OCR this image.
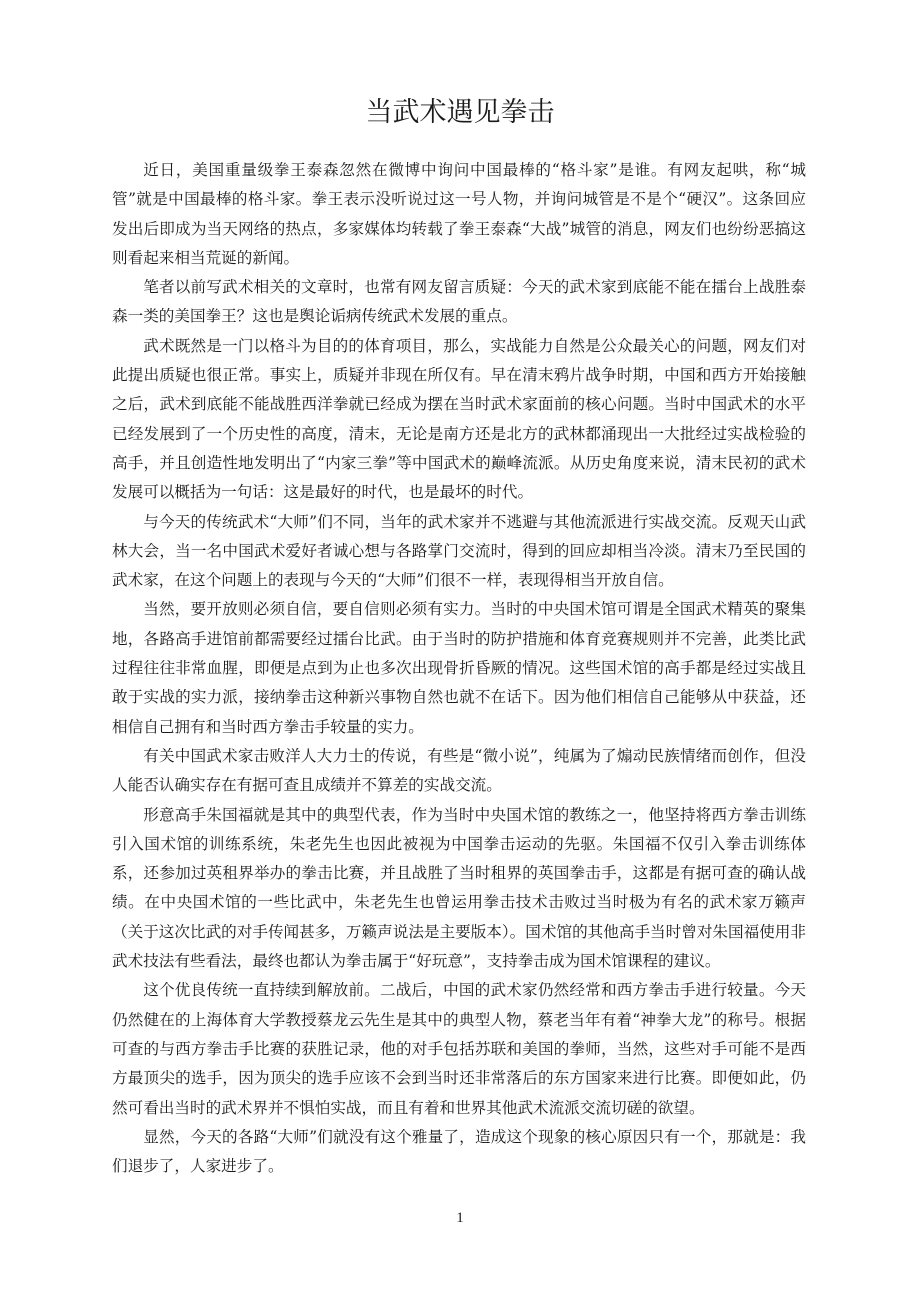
当武术遇见拳击

近日，美国重量级拳王泰森忽然在微博中询问中国最棒的“格斗家”是谁。有网友起哄，称“城管”就是中国最棒的格斗家。拳王表示没听说过这一号人物，并询问城管是不是个“硬汉”。这条回应发出后即成为当天网络的热点，多家媒体均转载了拳王泰森“大战”城管的消息，网友们也纷纷恶搞这则看起来相当荒诞的新闻。

笔者以前写武术相关的文章时，也常有网友留言质疑：今天的武术家到底能不能在擂台上战胜泰森一类的美国拳王？这也是舆论诟病传统武术发展的重点。

武术既然是一门以格斗为目的的体育项目，那么，实战能力自然是公众最关心的问题，网友们对此提出质疑也很正常。事实上，质疑并非现在所仅有。早在清末鸦片战争时期，中国和西方开始接触之后，武术到底能不能战胜西洋拳就已经成为摆在当时武术家面前的核心问题。当时中国武术的水平已经发展到了一个历史性的高度，清末，无论是南方还是北方的武林都涌现出一大批经过实战检验的高手，并且创造性地发明出了“内家三拳”等中国武术的巅峰流派。从历史角度来说，清末民初的武术发展可以概括为一句话：这是最好的时代，也是最坏的时代。

与今天的传统武术“大师”们不同，当年的武术家并不逃避与其他流派进行实战交流。反观天山武林大会，当一名中国武术爱好者诚心想与各路掌门交流时，得到的回应却相当冷淡。清末乃至民国的武术家，在这个问题上的表现与今天的“大师”们很不一样，表现得相当开放自信。

当然，要开放则必须自信，要自信则必须有实力。当时的中央国术馆可谓是全国武术精英的聚集地，各路高手进馆前都需要经过擂台比武。由于当时的防护措施和体育竞赛规则并不完善，此类比武过程往往非常血腥，即便是点到为止也多次出现骨折昏厥的情况。这些国术馆的高手都是经过实战且敢于实战的实力派，接纳拳击这种新兴事物自然也就不在话下。因为他们相信自己能够从中获益，还相信自己拥有和当时西方拳击手较量的实力。

有关中国武术家击败洋人大力士的传说，有些是“微小说”，纯属为了煽动民族情绪而创作，但没人能否认确实存在有据可查且成绩并不算差的实战交流。

形意高手朱国福就是其中的典型代表，作为当时中央国术馆的教练之一，他坚持将西方拳击训练引入国术馆的训练系统，朱老先生也因此被视为中国拳击运动的先驱。朱国福不仅引入拳击训练体系，还参加过英租界举办的拳击比赛，并且战胜了当时租界的英国拳击手，这都是有据可查的确认战绩。在中央国术馆的一些比武中，朱老先生也曾运用拳击技术击败过当时极为有名的武术家万籁声（关于这次比武的对手传闻甚多，万籁声说法是主要版本）。国术馆的其他高手当时曾对朱国福使用非武术技法有些看法，最终也都认为拳击属于“好玩意”，支持拳击成为国术馆课程的建议。

这个优良传统一直持续到解放前。二战后，中国的武术家仍然经常和西方拳击手进行较量。今天仍然健在的上海体育大学教授蔡龙云先生是其中的典型人物，蔡老当年有着“神拳大龙”的称号。根据可查的与西方拳击手比赛的获胜记录，他的对手包括苏联和美国的拳师，当然，这些对手可能不是西方最顶尖的选手，因为顶尖的选手应该不会到当时还非常落后的东方国家来进行比赛。即便如此，仍然可看出当时的武术界并不惧怕实战，而且有着和世界其他武术流派交流切磋的欲望。

显然，今天的各路“大师”们就没有这个雅量了，造成这个现象的核心原因只有一个，那就是：我们退步了，人家进步了。

1
